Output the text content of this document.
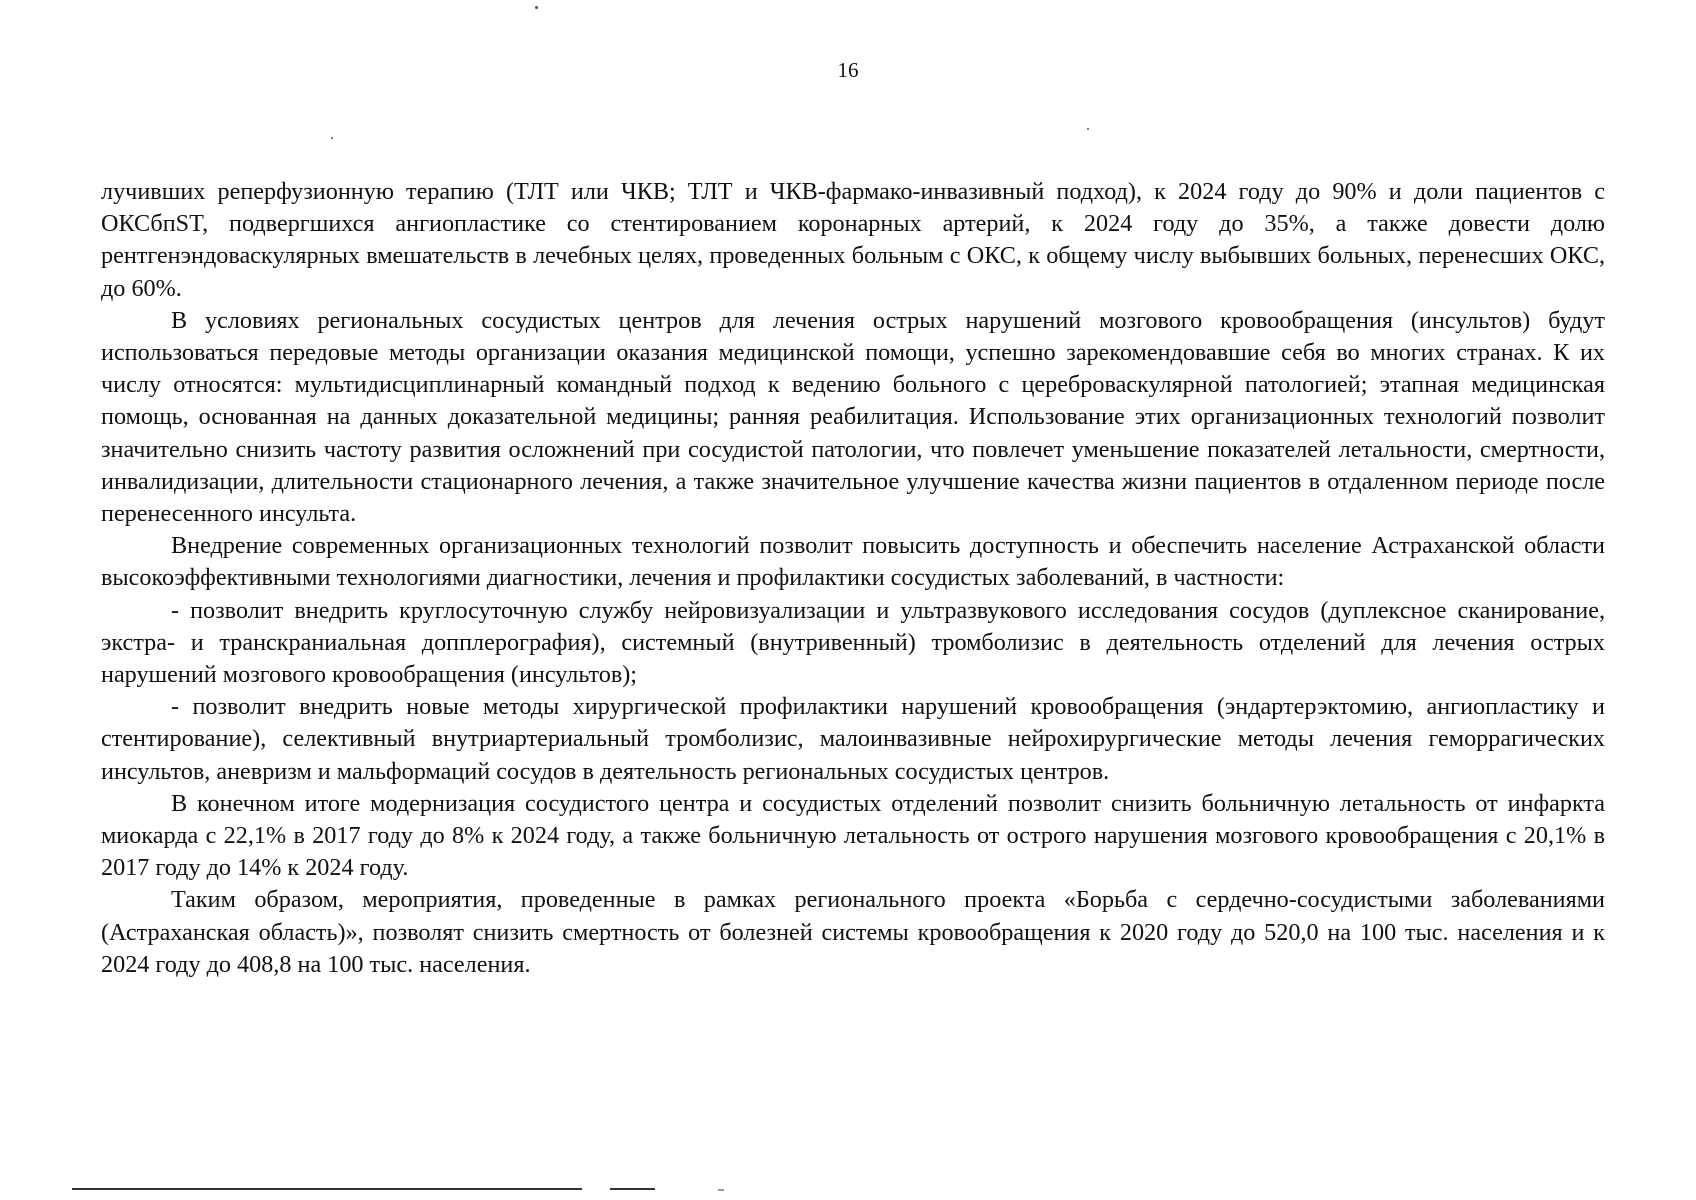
16

лучивших реперфузионную терапию (ТЛТ или ЧКВ; ТЛТ и ЧКВ-фармако-инвазивный подход), к 2024 году до 90% и доли пациентов с ОКСбпST, подвергшихся ангиопластике со стентированием коронарных артерий, к 2024 году до 35%, а также довести долю рентгенэндоваскулярных вмешательств в лечебных целях, проведенных больным с ОКС, к общему числу выбывших больных, перенесших ОКС, до 60%.

В условиях региональных сосудистых центров для лечения острых нарушений мозгового кровообращения (инсультов) будут использоваться передовые методы организации оказания медицинской помощи, успешно зарекомендовавшие себя во многих странах. К их числу относятся: мультидисциплинарный командный подход к ведению больного с цереброваскулярной патологией; этапная медицинская помощь, основанная на данных доказательной медицины; ранняя реабилитация. Использование этих организационных технологий позволит значительно снизить частоту развития осложнений при сосудистой патологии, что повлечет уменьшение показателей летальности, смертности, инвалидизации, длительности стационарного лечения, а также значительное улучшение качества жизни пациентов в отдаленном периоде после перенесенного инсульта.

Внедрение современных организационных технологий позволит повысить доступность и обеспечить население Астраханской области высокоэффективными технологиями диагностики, лечения и профилактики сосудистых заболеваний, в частности:

- позволит внедрить круглосуточную службу нейровизуализации и ультразвукового исследования сосудов (дуплексное сканирование, экстра- и транскраниальная допплерография), системный (внутривенный) тромболизис в деятельность отделений для лечения острых нарушений мозгового кровообращения (инсультов);

- позволит внедрить новые методы хирургической профилактики нарушений кровообращения (эндартерэктомию, ангиопластику и стентирование), селективный внутриартериальный тромболизис, малоинвазивные нейрохирургические методы лечения геморрагических инсультов, аневризм и мальформаций сосудов в деятельность региональных сосудистых центров.

В конечном итоге модернизация сосудистого центра и сосудистых отделений позволит снизить больничную летальность от инфаркта миокарда с 22,1% в 2017 году до 8% к 2024 году, а также больничную летальность от острого нарушения мозгового кровообращения с 20,1% в 2017 году до 14% к 2024 году.

Таким образом, мероприятия, проведенные в рамках регионального проекта «Борьба с сердечно-сосудистыми заболеваниями (Астраханская область)», позволят снизить смертность от болезней системы кровообращения к 2020 году до 520,0 на 100 тыс. населения и к 2024 году до 408,8 на 100 тыс. населения.
